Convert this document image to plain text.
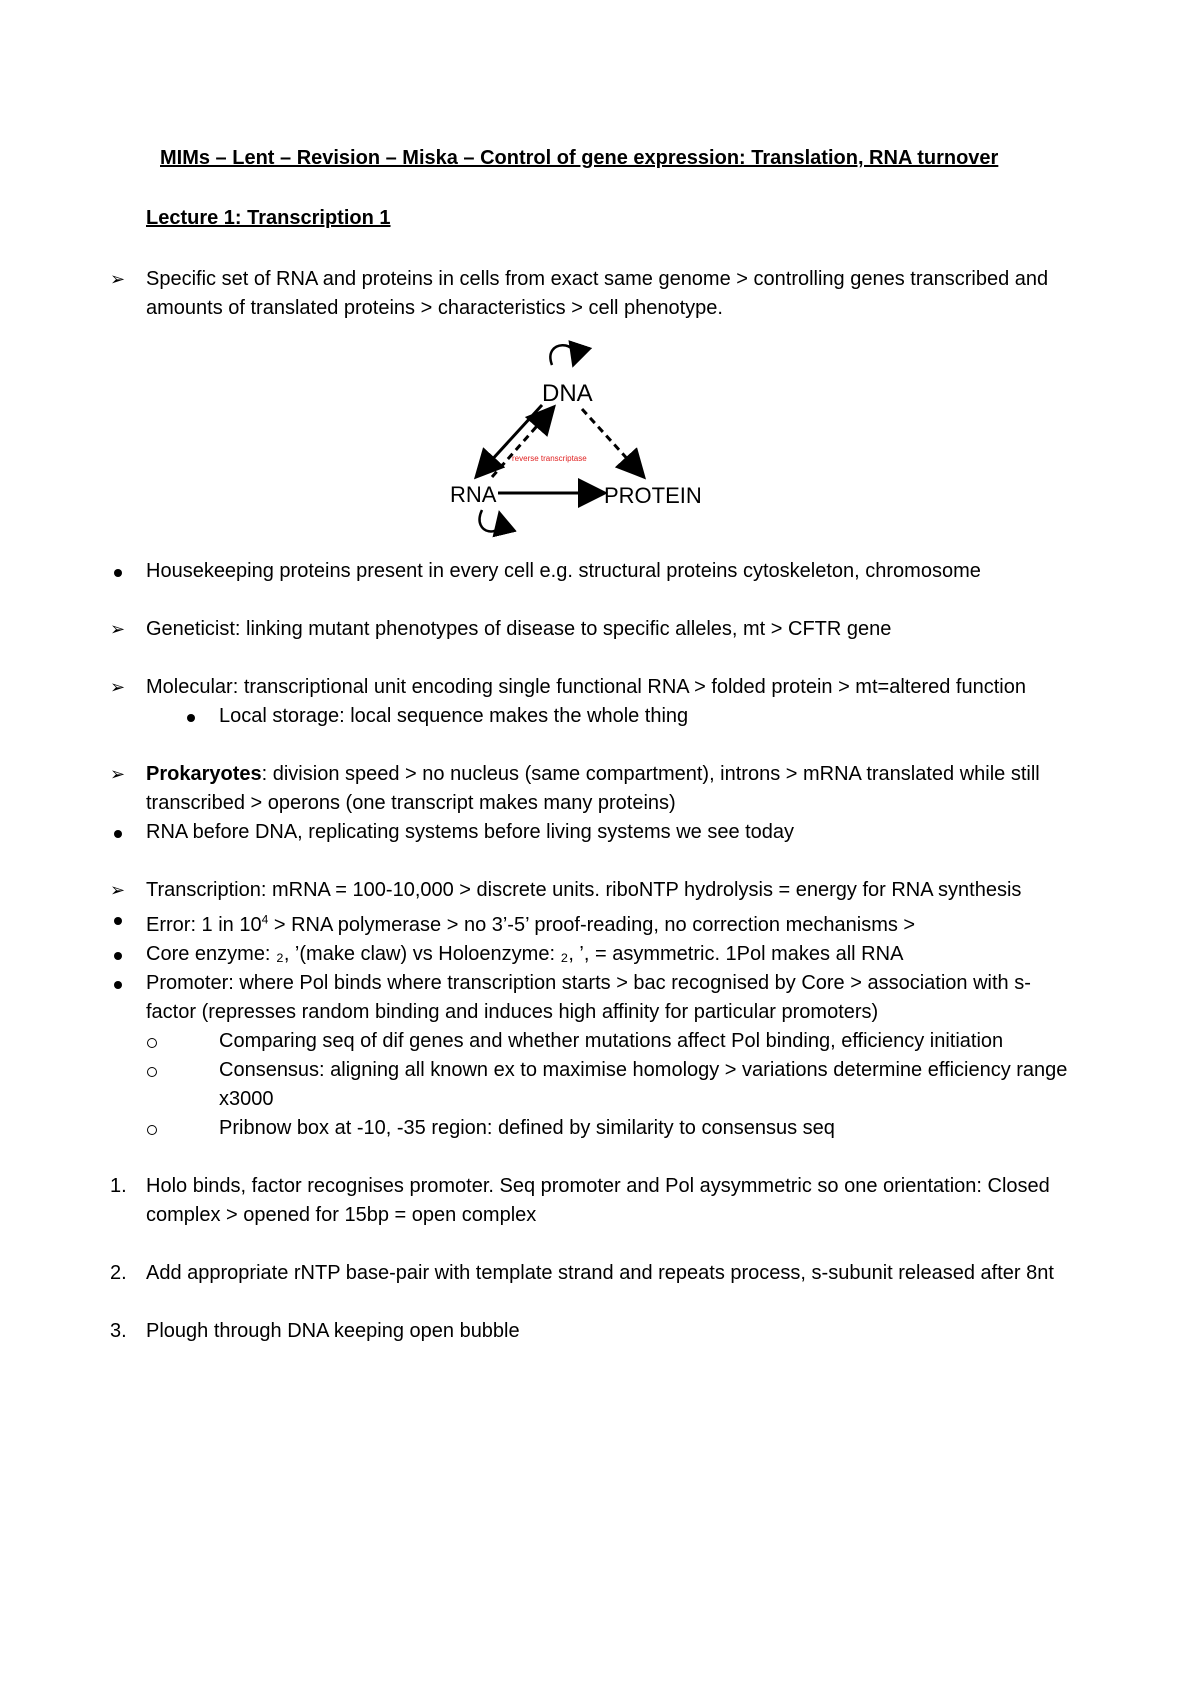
MIMs – Lent – Revision – Miska – Control of gene expression: Translation, RNA turnover
Lecture 1: Transcription 1
➢	Specific set of RNA and proteins in cells from exact same genome > controlling genes transcribed and amounts of translated proteins > characteristics > cell phenotype.
DNA
RNA	PROTEIN
reverse transcriptase
Housekeeping proteins present in every cell e.g. structural proteins cytoskeleton, chromosome
➢	Geneticist: linking mutant phenotypes of disease to specific alleles, mt > CFTR gene
➢	Molecular: transcriptional unit encoding single functional RNA > folded protein > mt=altered function
Local storage: local sequence makes the whole thing
➢	Prokaryotes: division speed > no nucleus (same compartment), introns > mRNA translated while still transcribed > operons (one transcript makes many proteins)
RNA before DNA, replicating systems before living systems we see today
➢	Transcription: mRNA = 100-10,000 > discrete units. riboNTP hydrolysis = energy for RNA synthesis
Error: 1 in $10^4$ > RNA polymerase > no 3’-5’ proof-reading, no correction mechanisms >
Core enzyme: ₂, ’(make claw) vs Holoenzyme: ₂, ’, = asymmetric. 1Pol makes all RNA
Promoter: where Pol binds where transcription starts > bac recognised by Core > association with s-factor (represses random binding and induces high affinity for particular promoters)
Comparing seq of dif genes and whether mutations affect Pol binding, efficiency initiation
Consensus: aligning all known ex to maximise homology > variations determine efficiency range x3000
Pribnow box at -10, -35 region: defined by similarity to consensus seq
1. Holo binds, factor recognises promoter. Seq promoter and Pol aysymmetric so one orientation: Closed complex > opened for 15bp = open complex
2. Add appropriate rNTP base-pair with template strand and repeats process, s-subunit released after 8nt
3. Plough through DNA keeping open bubble
